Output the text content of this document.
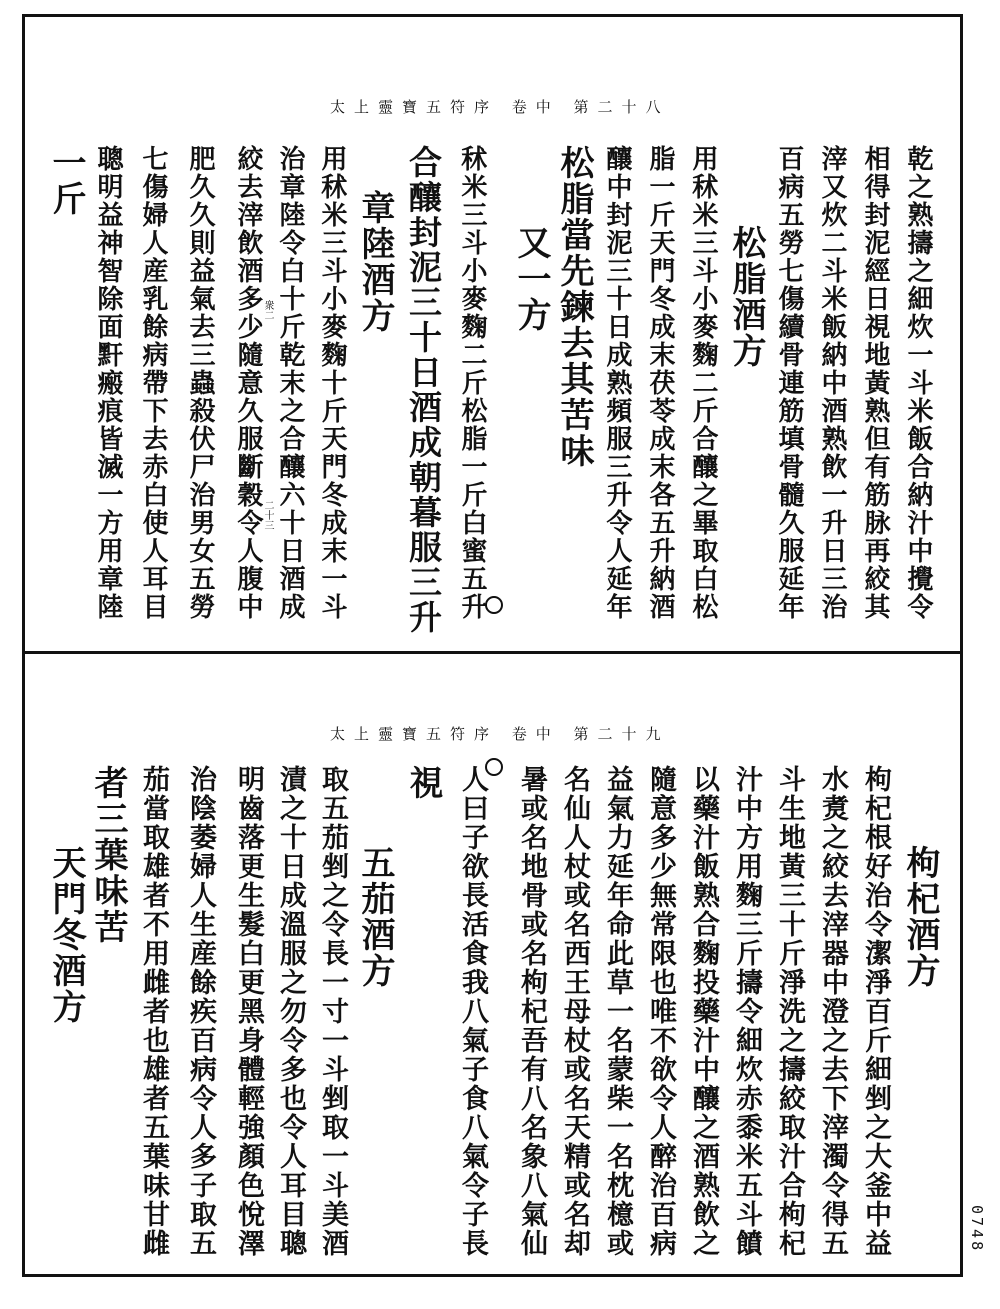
太上靈寶五符序 卷中 第二十八
乾之熟擣之細炊一斗米飯合納汁中攪令
相得封泥經日視地黃熟但有筋脉再絞其
滓又炊二斗米飯納中酒熟飲一升日三治
百病五勞七傷續骨連筋填骨髓久服延年
松脂酒方
用秫米三斗小麥麴二斤合釀之畢取白松
脂一斤天門冬成末茯苓成末各五升納酒
釀中封泥三十日成熟頻服三升令人延年
松脂當先鍊去其苦味
又一方
秫米三斗小麥麴二斤松脂一斤白蜜五升
合釀封泥三十日酒成朝暮服三升
章陸酒方
用秫米三斗小麥麴十斤天門冬成末一斗
治章陸令白十斤乾末之合釀六十日酒成
絞去滓飲酒多少隨意久服斷穀令人腹中
肥久久則益氣去三蟲殺伏尸治男女五勞
七傷婦人産乳餘病帶下去赤白使人耳目
聰明益神智除面䵟瘢痕皆滅一方用章陸
一斤
衆二
二十三
太上靈寶五符序 卷中 第二十九
枸杞酒方
枸杞根好治令潔淨百斤細剉之大釜中益
水煑之絞去滓器中澄之去下滓濁令得五
斗生地黃三十斤淨洗之擣絞取汁合枸杞
汁中方用麴三斤擣令細炊赤黍米五斗饙
以藥汁飯熟合麴投藥汁中釀之酒熟飲之
隨意多少無常限也唯不欲令人醉治百病
益氣力延年命此草一名蒙柴一名枕檍或
名仙人杖或名西王母杖或名天精或名却
暑或名地骨或名枸杞吾有八名象八氣仙
人曰子欲長活食我八氣子食八氣令子長
視
五茄酒方
取五茄剉之令長一寸一斗剉取一斗美酒
漬之十日成溫服之勿令多也令人耳目聰
明齒落更生髮白更黑身體輕強顏色悅澤
治陰萎婦人生産餘疾百病令人多子取五
茄當取雄者不用雌者也雄者五葉味甘雌
者三葉味苦
天門冬酒方
0748
